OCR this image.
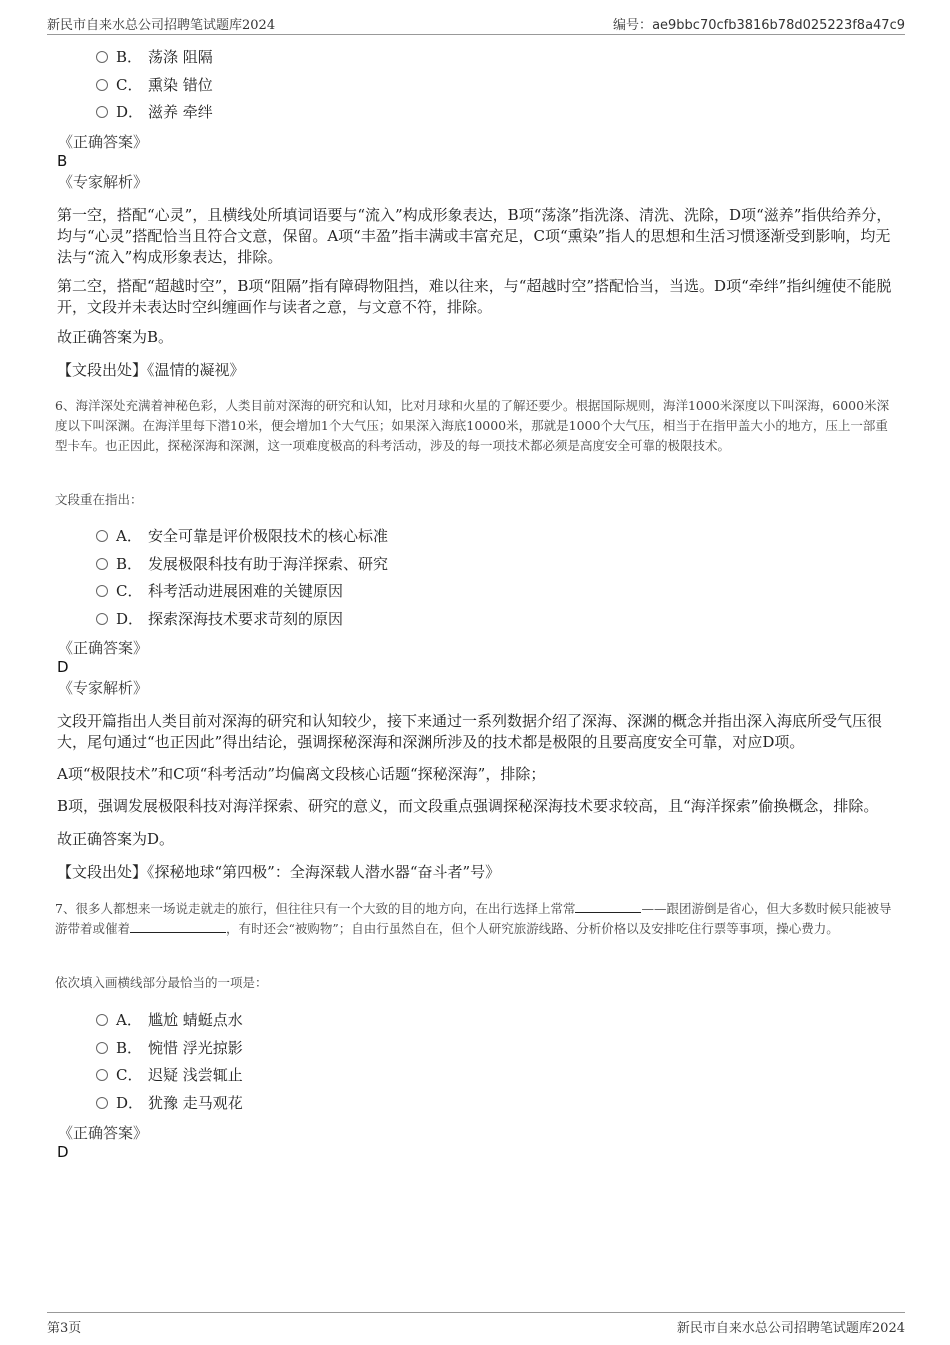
新民市自来水总公司招聘笔试题库2024	编号：ae9bbc70cfb3816b78d025223f8a47c9
B． 荡涤 阻隔
C． 熏染 错位
D． 滋养 牵绊
《正确答案》
B
《专家解析》
第一空，搭配“心灵”，且横线处所填词语要与“流入”构成形象表达，B项“荡涤”指洗涤、清洗、洗除，D项“滋养”指供给养分，均与“心灵”搭配恰当且符合文意，保留。A项“丰盈”指丰满或丰富充足，C项“熏染”指人的思想和生活习惯逐渐受到影响，均无法与“流入”构成形象表达，排除。
第二空，搭配“超越时空”，B项“阻隔”指有障碍物阻挡，难以往来，与“超越时空”搭配恰当，当选。D项“牵绊”指纠缠使不能脱开，文段并未表达时空纠缠画作与读者之意，与文意不符，排除。
故正确答案为B。
【文段出处】《温情的凝视》
6、海洋深处充满着神秘色彩，人类目前对深海的研究和认知，比对月球和火星的了解还要少。根据国际规则，海洋1000米深度以下叫深海，6000米深度以下叫深渊。在海洋里每下潜10米，便会增加1个大气压；如果深入海底10000米，那就是1000个大气压，相当于在指甲盖大小的地方，压上一部重型卡车。也正因此，探秘深海和深渊，这一项难度极高的科考活动，涉及的每一项技术都必须是高度安全可靠的极限技术。
文段重在指出：
A． 安全可靠是评价极限技术的核心标准
B． 发展极限科技有助于海洋探索、研究
C． 科考活动进展困难的关键原因
D． 探索深海技术要求苛刻的原因
《正确答案》
D
《专家解析》
文段开篇指出人类目前对深海的研究和认知较少，接下来通过一系列数据介绍了深海、深渊的概念并指出深入海底所受气压很大，尾句通过“也正因此”得出结论，强调探秘深海和深渊所涉及的技术都是极限的且要高度安全可靠，对应D项。
A项“极限技术”和C项“科考活动”均偏离文段核心话题“探秘深海”，排除；
B项，强调发展极限科技对海洋探索、研究的意义，而文段重点强调探秘深海技术要求较高，且“海洋探索”偷换概念，排除。
故正确答案为D。
【文段出处】《探秘地球“第四极”：全海深载人潜水器“奋斗者”号》
7、很多人都想来一场说走就走的旅行，但往往只有一个大致的目的地方向，在出行选择上常常	——跟团游倒是省心，但大多数时候只能被导游带着或催着	，有时还会“被购物”；自由行虽然自在，但个人研究旅游线路、分析价格以及安排吃住行票等事项，操心费力。
依次填入画横线部分最恰当的一项是：
A． 尴尬 蜻蜓点水
B． 惋惜 浮光掠影
C． 迟疑 浅尝辄止
D． 犹豫 走马观花
《正确答案》
D
第3页	新民市自来水总公司招聘笔试题库2024
